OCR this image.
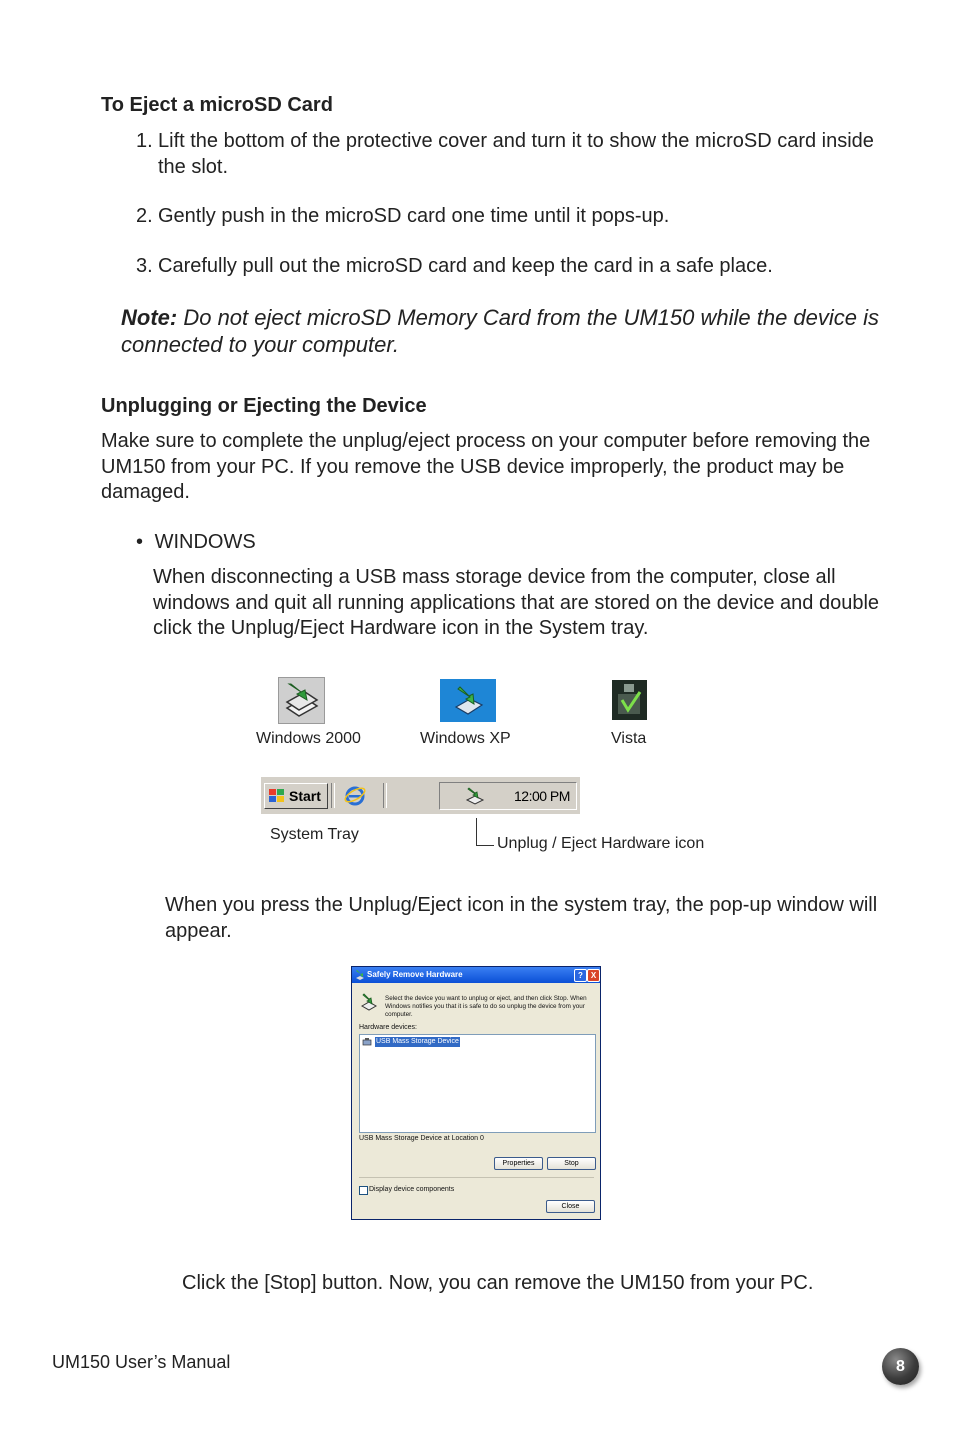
To Eject a microSD Card
1. Lift the bottom of the protective cover and turn it to show the microSD card inside the slot.
2. Gently push in the microSD card one time until it pops-up.
3. Carefully pull out the microSD card and keep the card in a safe place.
Note: Do not eject microSD Memory Card from the UM150 while the device is connected to your computer.
Unplugging or Ejecting the Device
Make sure to complete the unplug/eject process on your computer before removing the UM150 from your PC. If you remove the USB device improperly, the product may be damaged.
• WINDOWS
When disconnecting a USB mass storage device from the computer, close all windows and quit all running applications that are stored on the device and double click the Unplug/Eject Hardware icon in the System tray.
Windows 2000	Windows XP	Vista
Start	12:00 PM
System Tray
Unplug / Eject Hardware icon
When you press the Unplug/Eject icon in the system tray, the pop-up window will appear.
Safely Remove Hardware	? X
Select the device you want to unplug or eject, and then click Stop. When Windows notifies you that it is safe to do so unplug the device from your computer.
Hardware devices:
USB Mass Storage Device
USB Mass Storage Device at Location 0
Properties	Stop
Display device components
Close
Click the [Stop] button. Now, you can remove the UM150 from your PC.
UM150 User’s Manual	8
